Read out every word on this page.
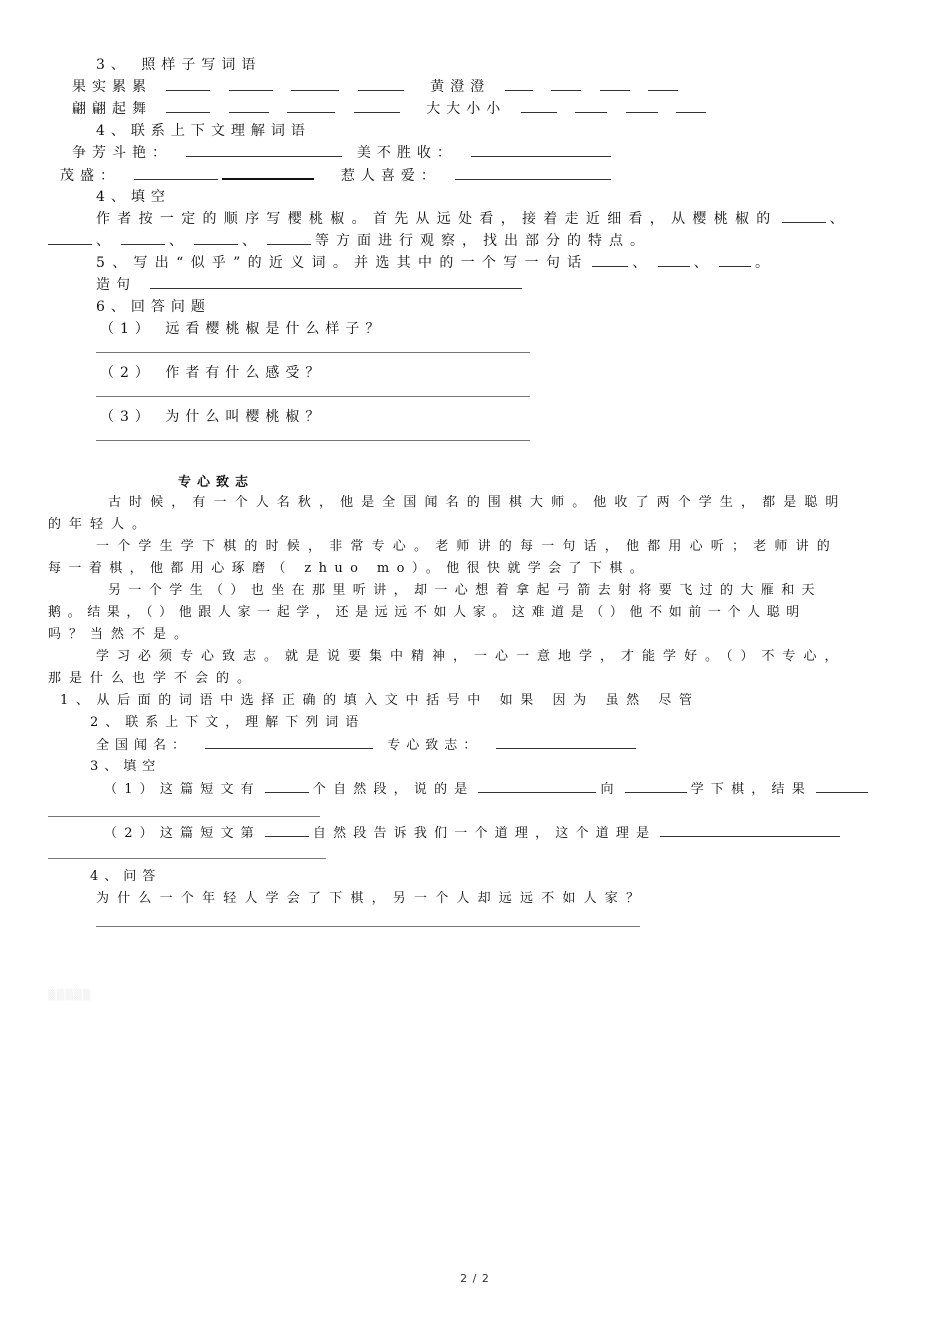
3、 照样子写词语
果实累累	黄澄澄
翩翩起舞	大大小小
4、联系上下文理解词语
争芳斗艳：	美不胜收：
茂盛：	惹人喜爱：
4、填空
作者按一定的顺序写樱桃椒。首先从远处看，接着走近细看，从樱桃椒的	、
、	、	、	等方面进行观察，找出部分的特点。
5、写出“似乎”的近义词。并选其中的一个写一句话	、	、	。
造句
6、回答问题
（1） 远看樱桃椒是什么样子？
（2） 作者有什么感受？
（3） 为什么叫樱桃椒？
专心致志
古时候，有一个人名秋，他是全国闻名的围棋大师。他收了两个学生，都是聪明
的年轻人。
一个学生学下棋的时候，非常专心。老师讲的每一句话，他都用心听；老师讲的
每一着棋，他都用心琢磨（ zhuo mo）。他很快就学会了下棋。
另一个学生（）也坐在那里听讲，却一心想着拿起弓箭去射将要飞过的大雁和天
鹅。结果，（）他跟人家一起学，还是远远不如人家。这难道是（）他不如前一个人聪明
吗？当然不是。
学习必须专心致志。就是说要集中精神，一心一意地学，才能学好。（）不专心，
那是什么也学不会的。
1、从后面的词语中选择正确的填入文中括号中 如果 因为 虽然 尽管
2、联系上下文，理解下列词语
全国闻名：	专心致志：
3、填空
（1）这篇短文有	个自然段，说的是	向	学下棋，结果
（2）这篇短文第	自然段告诉我们一个道理，这个道理是
4、问答
为什么一个年轻人学会了下棋，另一个人却远远不如人家？
▒▒▒▒▒
2 / 2
